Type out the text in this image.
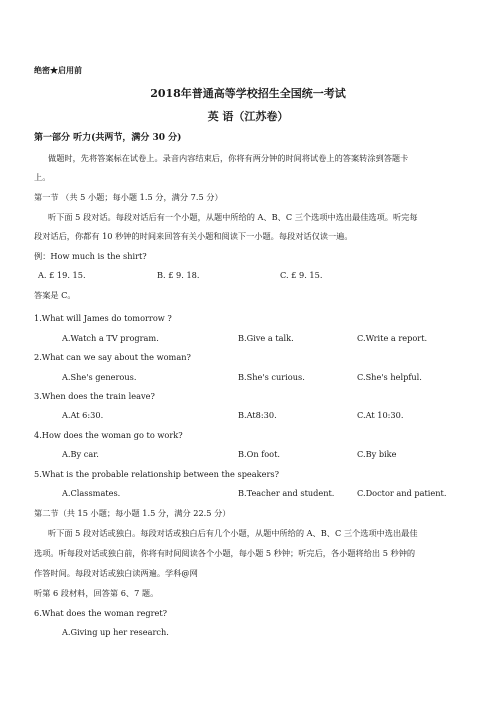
绝密★启用前
2018年普通高等学校招生全国统一考试
英 语（江苏卷）
第一部分 听力(共两节，满分 30 分)
做题时，先将答案标在试卷上。录音内容结束后，你将有两分钟的时间将试卷上的答案转涂到答题卡
上。
第一节 （共 5 小题；每小题 1.5 分，满分 7.5 分）
听下面 5 段对话。每段对话后有一个小题，从题中所给的 A、B、C 三个选项中选出最佳选项。听完每
段对话后，你都有 10 秒钟的时间来回答有关小题和阅读下一小题。每段对话仅读一遍。
例：How much is the shirt?
A. £ 19. 15.	B. £ 9. 18.	C. £ 9. 15.
答案是 C。
1.What will James do tomorrow ?
A.Watch a TV program.	B.Give a talk.	C.Write a report.
2.What can we say about the woman?
A.She's generous.	B.She's curious.	C.She's helpful.
3.When does the train leave?
A.At 6:30.	B.At8:30.	C.At 10:30.
4.How does the woman go to work?
A.By car.	B.On foot.	C.By bike
5.What is the probable relationship between the speakers?
A.Classmates.	B.Teacher and student.	C.Doctor and patient.
第二节（共 15 小题；每小题 1.5 分，满分 22.5 分）
听下面 5 段对话或独白。每段对话或独白后有几个小题，从题中所给的 A、B、C 三个选项中选出最佳
选项。听每段对话或独白前，你将有时间阅读各个小题，每小题 5 秒钟；听完后，各小题将给出 5 秒钟的
作答时间。每段对话或独白读两遍。学科@网
听第 6 段材料，回答第 6、7 题。
6.What does the woman regret?
A.Giving up her research.
